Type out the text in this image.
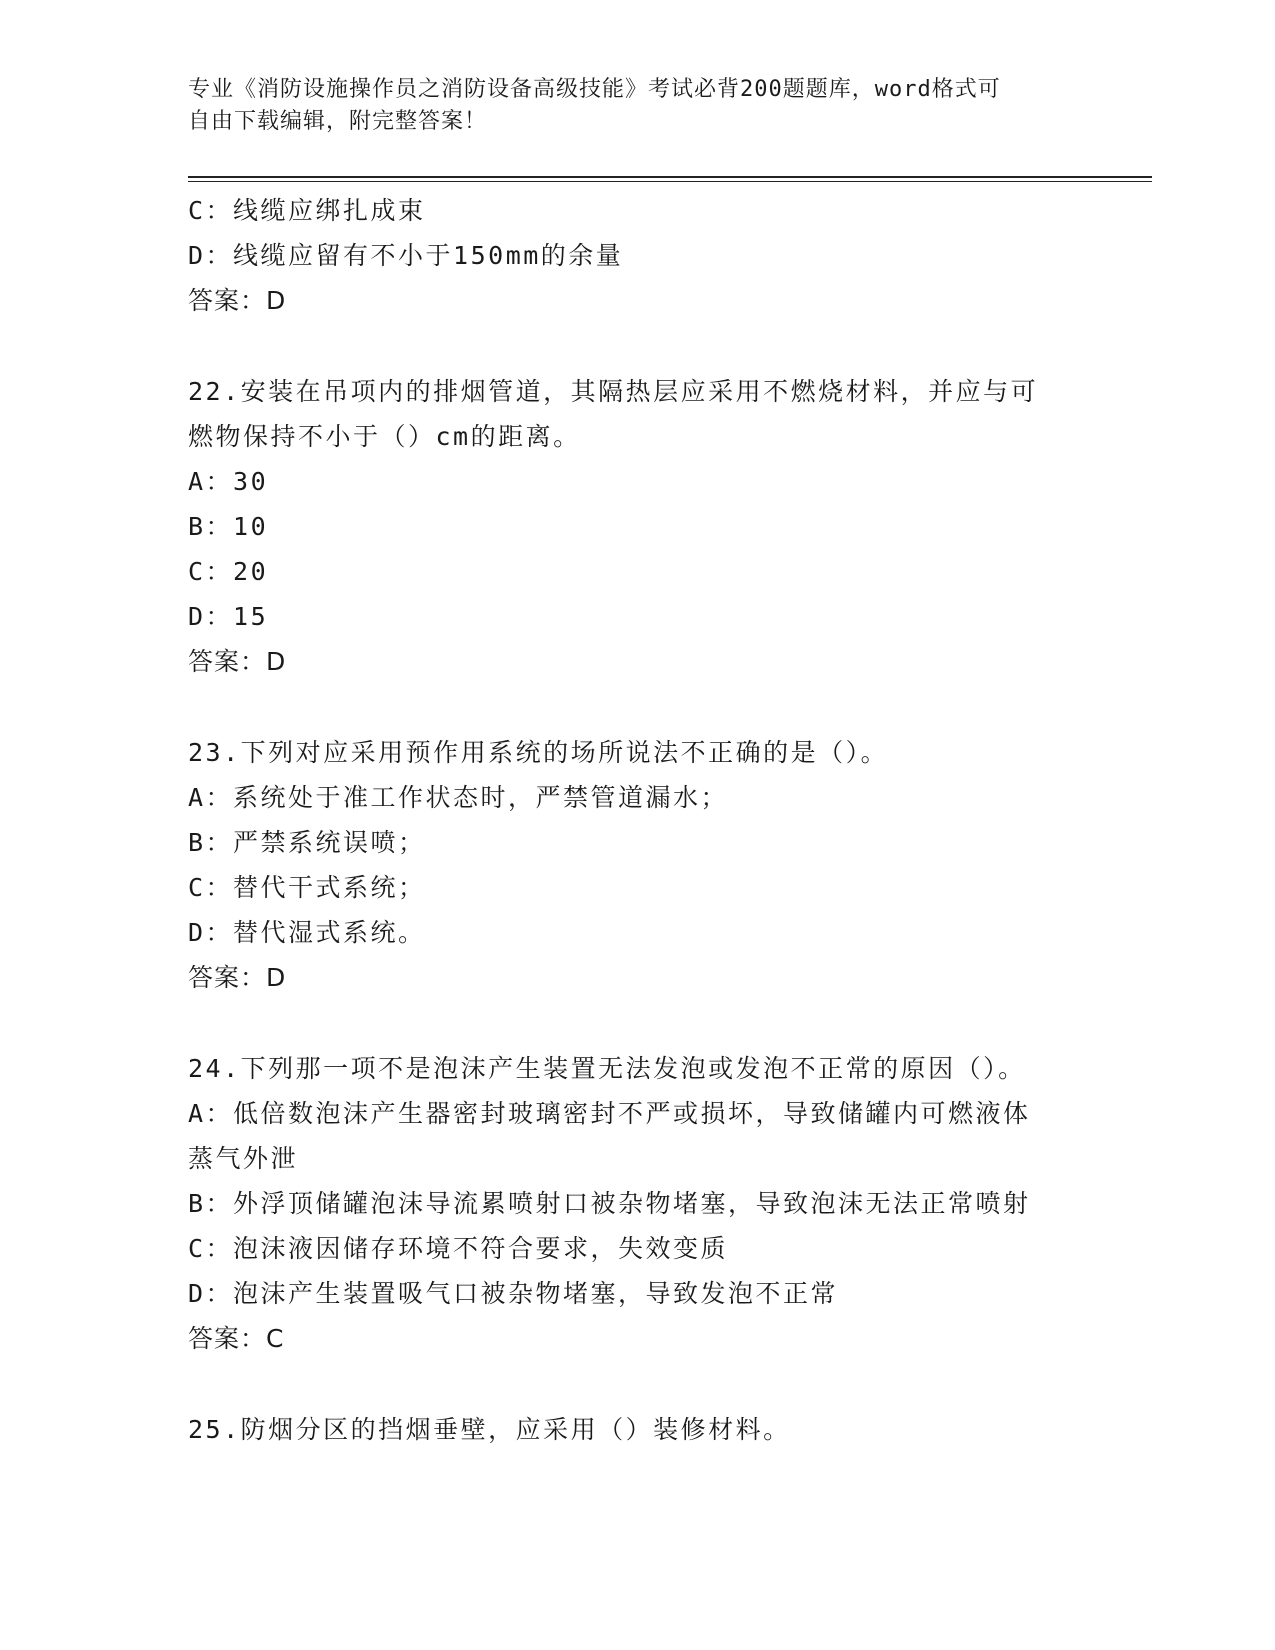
专业《消防设施操作员之消防设备高级技能》考试必背200题题库，word格式可
自由下载编辑，附完整答案！

C：线缆应绑扎成束

D：线缆应留有不小于150mm的余量

答案：D

22.安装在吊项内的排烟管道，其隔热层应采用不燃烧材料，并应与可

燃物保持不小于（）cm的距离。

A：30

B：10

C：20

D：15

答案：D

23.下列对应采用预作用系统的场所说法不正确的是（）。

A：系统处于准工作状态时，严禁管道漏水；

B：严禁系统误喷；

C：替代干式系统；

D：替代湿式系统。

答案：D

24.下列那一项不是泡沫产生装置无法发泡或发泡不正常的原因（）。

A：低倍数泡沫产生器密封玻璃密封不严或损坏，导致储罐内可燃液体

蒸气外泄

B：外浮顶储罐泡沫导流累喷射口被杂物堵塞，导致泡沫无法正常喷射

C：泡沫液因储存环境不符合要求，失效变质

D：泡沫产生装置吸气口被杂物堵塞，导致发泡不正常

答案：C

25.防烟分区的挡烟垂壁，应采用（）装修材料。
